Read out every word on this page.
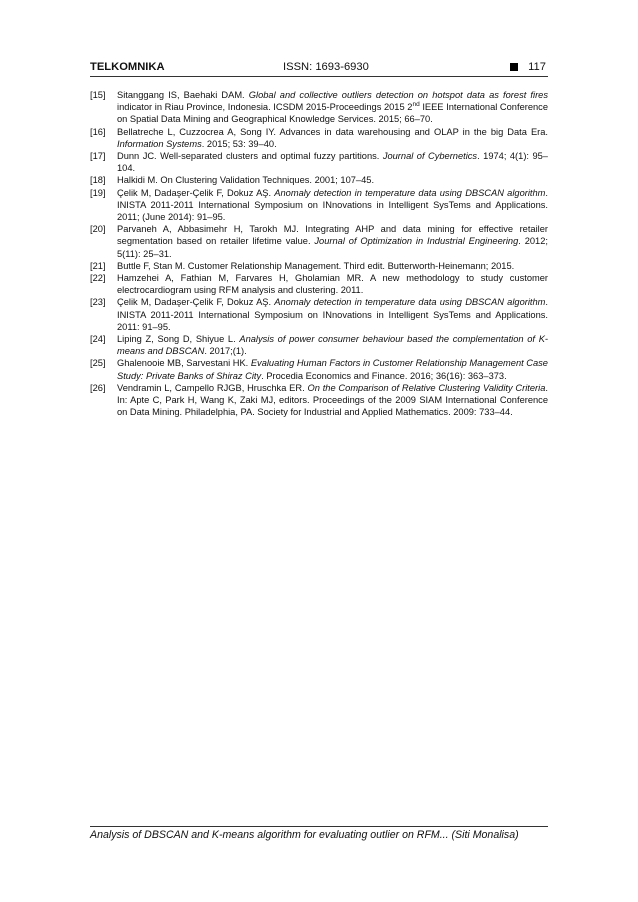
TELKOMNIKA	ISSN: 1693-6930	117
[15] Sitanggang IS, Baehaki DAM. Global and collective outliers detection on hotspot data as forest fires indicator in Riau Province, Indonesia. ICSDM 2015-Proceedings 2015 2nd IEEE International Conference on Spatial Data Mining and Geographical Knowledge Services. 2015; 66–70.
[16] Bellatreche L, Cuzzocrea A, Song IY. Advances in data warehousing and OLAP in the big Data Era. Information Systems. 2015; 53: 39–40.
[17] Dunn JC. Well-separated clusters and optimal fuzzy partitions. Journal of Cybernetics. 1974; 4(1): 95–104.
[18] Halkidi M. On Clustering Validation Techniques. 2001; 107–45.
[19] Çelik M, Dadaşer-Çelik F, Dokuz AŞ. Anomaly detection in temperature data using DBSCAN algorithm. INISTA 2011-2011 International Symposium on INnovations in Intelligent SysTems and Applications. 2011; (June 2014): 91–95.
[20] Parvaneh A, Abbasimehr H, Tarokh MJ. Integrating AHP and data mining for effective retailer segmentation based on retailer lifetime value. Journal of Optimization in Industrial Engineering. 2012; 5(11): 25–31.
[21] Buttle F, Stan M. Customer Relationship Management. Third edit. Butterworth-Heinemann; 2015.
[22] Hamzehei A, Fathian M, Farvares H, Gholamian MR. A new methodology to study customer electrocardiogram using RFM analysis and clustering. 2011.
[23] Çelik M, Dadaşer-Çelik F, Dokuz AŞ. Anomaly detection in temperature data using DBSCAN algorithm. INISTA 2011-2011 International Symposium on INnovations in Intelligent SysTems and Applications. 2011: 91–95.
[24] Liping Z, Song D, Shiyue L. Analysis of power consumer behaviour based the complementation of K-means and DBSCAN. 2017;(1).
[25] Ghalenooie MB, Sarvestani HK. Evaluating Human Factors in Customer Relationship Management Case Study: Private Banks of Shiraz City. Procedia Economics and Finance. 2016; 36(16): 363–373.
[26] Vendramin L, Campello RJGB, Hruschka ER. On the Comparison of Relative Clustering Validity Criteria. In: Apte C, Park H, Wang K, Zaki MJ, editors. Proceedings of the 2009 SIAM International Conference on Data Mining. Philadelphia, PA. Society for Industrial and Applied Mathematics. 2009: 733–44.
Analysis of DBSCAN and K-means algorithm for evaluating outlier on RFM... (Siti Monalisa)
